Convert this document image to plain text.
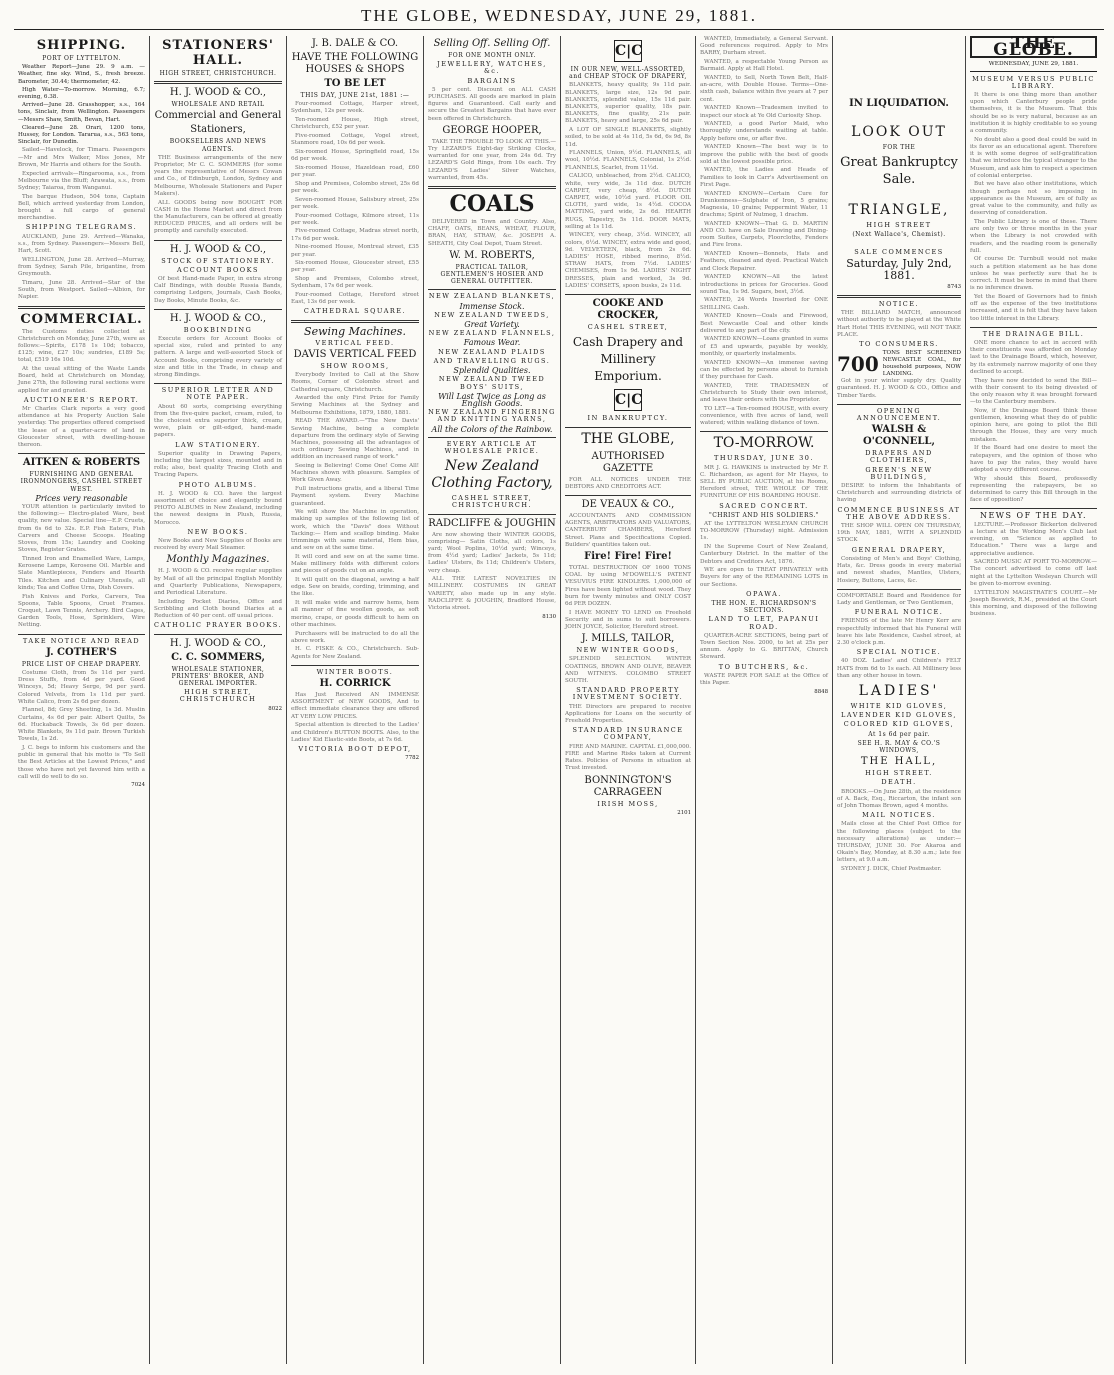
THE GLOBE, WEDNESDAY, JUNE 29, 1881.
SHIPPING.
PORT OF LYTTELTON.

Weather Report—June 29. 9 a.m. — Weather, fine sky. Wind, S., fresh breeze. Barometer, 30.44; thermometer, 42.

High Water—To-morrow. Morning, 6.7; evening, 6.38.

Arrived—June 28. Grasshopper, s.s., 164 tons, Sinclair, from Wellington. Passengers—Messrs Shaw, Smith, Bevan, Hart.

Cleared—June 28. Orari, 1200 tons, Hussey, for London. Tararua, s.s., 563 tons, Sinclair, for Dunedin.

Sailed—Havelock, for Timaru. Passengers—Mr and Mrs Walker, Miss Jones, Mr Brown, Mr Harris and others for the South.

Expected arrivals—Ringarooma, s.s., from Melbourne via the Bluff; Arawata, s.s., from Sydney; Taiaroa, from Wanganui.

The barque Hudson, 504 tons, Captain Bell, which arrived yesterday from London, brought a full cargo of general merchandise.

SHIPPING TELEGRAMS.

AUCKLAND, June 29. Arrived—Wanaka, s.s., from Sydney. Passengers—Messrs Bell, Hart, Scott.

WELLINGTON, June 28. Arrived—Murray, from Sydney, Sarah Pile, brigantine, from Greymouth.

Timaru, June 28. Arrived—Star of the South, from Westport. Sailed—Albion, for Napier.

COMMERCIAL.

The Customs duties collected at Christchurch on Monday, June 27th, were as follows:—Spirits, £178 1s 10d; tobacco, £125; wine, £27 10s; sundries, £189 5s; total, £519 16s 10d.

At the usual sitting of the Waste Lands Board, held at Christchurch on Monday, June 27th, the following rural sections were applied for and granted.

AUCTIONEER'S REPORT.

Mr Charles Clark reports a very good attendance at his Property Auction Sale yesterday. The properties offered comprised the lease of a quarter-acre of land in Gloucester street, with dwelling-house thereon.

AITKEN & ROBERTS
FURNISHING AND GENERAL IRONMONGERS, CASHEL STREET WEST.
Prices very reasonable

YOUR attention is particularly invited to the following:— Electro-plated Ware, best quality, new value. Special line—E.P. Cruets, from 6s 6d to 32s. E.P. Fish Eaters, Fish Carvers and Cheese Scoops. Heating Stoves, from 15s; Laundry and Cooking Stoves, Register Grates.

Tinned Iron and Enamelled Ware, Lamps, Kerosene Lamps, Kerosene Oil. Marble and Slate Mantlepieces, Fenders and Hearth Tiles. Kitchen and Culinary Utensils, all kinds; Tea and Coffee Urns, Dish Covers.

Fish Knives and Forks, Carvers, Tea Spoons, Table Spoons, Cruet Frames. Croquet, Lawn Tennis, Archery. Bird Cages, Garden Tools, Hose, Sprinklers, Wire Netting.

TAKE NOTICE AND READ
J. COTHER'S
PRICE LIST OF CHEAP DRAPERY.

Costume Cloth, from 5s 11d per yard. Dress Stuffs, from 4d per yard. Good Winceys, 5d; Heavy Serge, 9d per yard. Colored Velvets, from 1s 11d per yard. White Calico, from 2s 6d per dozen.

Flannel, 8d; Grey Sheeting, 1s 3d. Muslin Curtains, 4s 6d per pair. Albert Quilts, 5s 6d. Huckaback Towels, 3s 6d per dozen. White Blankets, 9s 11d pair. Brown Turkish Towels, 1s 2d.

J. C. begs to inform his customers and the public in general that his motto is "To Sell the Best Articles at the Lowest Prices," and those who have not yet favored him with a call will do well to do so.

7024
STATIONERS' HALL.
HIGH STREET, CHRISTCHURCH.
H. J. WOOD & CO.,
WHOLESALE AND RETAIL
Commercial and General
Stationers,
BOOKSELLERS AND NEWS AGENTS.

THE Business arrangements of the new Proprietor, Mr C. C. SOMMERS (for some years the representative of Messrs Cowan and Co., of Edinburgh, London, Sydney and Melbourne, Wholesale Stationers and Paper Makers).

ALL GOODS being now BOUGHT FOR CASH in the Home Market and direct from the Manufacturers, can be offered at greatly REDUCED PRICES, and all orders will be promptly and carefully executed.

H. J. WOOD & CO.,
STOCK OF STATIONERY.
ACCOUNT BOOKS

Of best Hand-made Paper, in extra strong Calf Bindings, with double Russia Bands, comprising Ledgers, Journals, Cash Books, Day Books, Minute Books, &c.

H. J. WOOD & CO.,
BOOKBINDING

Execute orders for Account Books of special size, ruled and printed to any pattern. A large and well-assorted Stock of Account Books, comprising every variety of size and title in the Trade, in cheap and strong Bindings.

SUPERIOR LETTER AND NOTE PAPER.

About 60 sorts, comprising everything from the five-quire packet, cream, ruled, to the choicest extra superior thick, cream, wove, plain or gilt-edged, hand-made papers.

LAW STATIONERY.

Superior quality in Drawing Papers, including the largest sizes, mounted and in rolls; also, best quality Tracing Cloth and Tracing Papers.

PHOTO ALBUMS.

H. J. WOOD & CO. have the largest assortment of choice and elegantly bound PHOTO ALBUMS in New Zealand, including the newest designs in Plush, Russia, Morocco.

NEW BOOKS.

New Books and New Supplies of Books are received by every Mail Steamer.

Monthly Magazines.

H. J. WOOD & CO. receive regular supplies by Mail of all the principal English Monthly and Quarterly Publications, Newspapers, and Periodical Literature.

Including Pocket Diaries, Office and Scribbling and Cloth bound Diaries at a Reduction of 40 per cent. off usual prices.

CATHOLIC PRAYER BOOKS.
H. J. WOOD & CO.,
C. C. SOMMERS,
WHOLESALE STATIONER, PRINTERS' BROKER, AND GENERAL IMPORTER.
HIGH STREET, CHRISTCHURCH
8022
J. B. DALE & CO.
HAVE THE FOLLOWING HOUSES & SHOPS
TO BE LET
THIS DAY, JUNE 21st, 1881 :—

Four-roomed Cottage, Harper street, Sydenham, 12s per week.

Ten-roomed House, High street, Christchurch, £52 per year.

Five-roomed Cottage, Vogel street, Stanmore road, 10s 6d per week.

Six-roomed House, Springfield road, 15s 6d per week.

Six-roomed House, Hazeldean road, £60 per year.

Shop and Premises, Colombo street, 25s 6d per week.

Seven-roomed House, Salisbury street, 25s per week.

Four-roomed Cottage, Kilmore street, 11s per week.

Five-roomed Cottage, Madras street north, 17s 6d per week.

Nine-roomed House, Montreal street, £35 per year.

Six-roomed House, Gloucester street, £55 per year.

Shop and Premises, Colombo street, Sydenham, 17s 6d per week.

Four-roomed Cottage, Hereford street East, 13s 6d per week.

CATHEDRAL SQUARE.
Sewing Machines.
VERTICAL FEED.
DAVIS VERTICAL FEED
SHOW ROOMS,

Everybody Invited to Call at the Show Rooms, Corner of Colombo street and Cathedral square, Christchurch.

Awarded the only First Prize for Family Sewing Machines at the Sydney and Melbourne Exhibitions, 1879, 1880, 1881.

READ THE AWARD.—"The New Davis' Sewing Machine, being a complete departure from the ordinary style of Sewing Machines, possessing all the advantages of such ordinary Sewing Machines, and in addition an increased range of work."

Seeing is Believing! Come One! Come All! Machines shown with pleasure. Samples of Work Given Away.

Full instructions gratis, and a liberal Time Payment system. Every Machine guaranteed.

We will show the Machine in operation, making up samples of the following list of work, which the "Davis" does Without Tacking:— Hem and scallop binding. Make trimmings with same material, Hem bias, and sew on at the same time.

It will cord and sew on at the same time. Make millinery folds with different colors and pieces of goods cut on an angle.

It will quilt on the diagonal, sewing a half edge. Sew on braids, cording, trimming, and the like.

It will make wide and narrow hems, hem all manner of fine woollen goods, as soft merino, crape, or goods difficult to hem on other machines.

Purchasers will be instructed to do all the above work.

H. C. FISKE & CO., Christchurch. Sub-Agents for New Zealand.

WINTER BOOTS.
H. CORRICK

Has Just Received AN IMMENSE ASSORTMENT of NEW GOODS, And to effect immediate clearance they are offered AT VERY LOW PRICES.

Special attention is directed to the Ladies' and Children's BUTTON BOOTS. Also, to the Ladies' Kid Elastic-side Boots, at 7s 6d.

VICTORIA BOOT DEPOT,
7782
Selling Off. Selling Off.
FOR ONE MONTH ONLY.
JEWELLERY, WATCHES, &c.
BARGAINS

5 per cent. Discount on ALL CASH PURCHASES. All goods are marked in plain figures and Guaranteed. Call early and secure the Greatest Bargains that have ever been offered in Christchurch.

GEORGE HOOPER,

TAKE THE TROUBLE TO LOOK AT THIS.— Try LEZARD'S Eight-day Striking Clocks, warranted for one year, from 24s 6d. Try LEZARD'S Gold Rings, from 10s each. Try LEZARD'S Ladies' Silver Watches, warranted, from 45s.

COALS

DELIVERED in Town and Country. Also, CHAFF, OATS, BEANS, WHEAT, FLOUR, BRAN, HAY, STRAW, &c. JOSEPH A. SHEATH, City Coal Depot, Tuam Street.

W. M. ROBERTS,
PRACTICAL TAILOR, GENTLEMEN'S HOSIER AND GENERAL OUTFITTER.
NEW ZEALAND BLANKETS,
Immense Stock.
NEW ZEALAND TWEEDS,
Great Variety.
NEW ZEALAND FLANNELS,
Famous Wear.
NEW ZEALAND PLAIDS
AND TRAVELLING RUGS.
Splendid Qualities.
NEW ZEALAND TWEED BOYS' SUITS,
Will Last Twice as Long as English Goods.
NEW ZEALAND FINGERING AND KNITTING YARNS,
All the Colors of the Rainbow.
EVERY ARTICLE AT WHOLESALE PRICE.
New Zealand Clothing Factory,
CASHEL STREET, CHRISTCHURCH.
RADCLIFFE & JOUGHIN

Are now showing their WINTER GOODS, comprising— Satin Cloths, all colors, 1s yard; Wool Poplins, 10½d yard; Winceys, from 4½d yard; Ladies' Jackets, 5s 11d; Ladies' Ulsters, 8s 11d; Children's Ulsters, very cheap.

ALL THE LATEST NOVELTIES IN MILLINERY. COSTUMES IN GREAT VARIETY, also made up in any style. RADCLIFFE & JOUGHIN, Bradford House, Victoria street.

8130
C|C
IN OUR NEW, WELL-ASSORTED, and CHEAP STOCK OF DRAPERY,

BLANKETS, heavy quality, 9s 11d pair. BLANKETS, large size, 12s 9d pair. BLANKETS, splendid value, 15s 11d pair. BLANKETS, superior quality, 18s pair. BLANKETS, fine quality, 21s pair. BLANKETS, heavy and large, 25s 6d pair.

A LOT OF SINGLE BLANKETS, slightly soiled, to be sold at 4s 11d, 5s 6d, 6s 9d, 8s 11d.

FLANNELS, Union, 9½d. FLANNELS, all wool, 10½d. FLANNELS, Colonial, 1s 2½d. FLANNELS, Scarlet, from 11½d.

CALICO, unbleached, from 2½d. CALICO, white, very wide, 3s 11d doz. DUTCH CARPET, very cheap, 8½d. DUTCH CARPET, wide, 10½d yard. FLOOR OIL CLOTH, yard wide, 1s 4½d. COCOA MATTING, yard wide, 2s 6d. HEARTH RUGS, Tapestry, 5s 11d. DOOR MATS, selling at 1s 11d.

WINCEY, very cheap, 3½d. WINCEY, all colors, 6½d. WINCEY, extra wide and good, 9d. VELVETEEN, black, from 2s 6d. LADIES' HOSE, ribbed merino, 8½d. STRAW HATS, from 7½d. LADIES' CHEMISES, from 1s 9d. LADIES' NIGHT DRESSES, plain and worked, 3s 9d. LADIES' CORSETS, spoon busks, 2s 11d.

COOKE AND CROCKER,
CASHEL STREET,
Cash Drapery and Millinery Emporium.
C|C
IN BANKRUPTCY.
THE GLOBE,
AUTHORISED GAZETTE

FOR ALL NOTICES UNDER THE DEBTORS AND CREDITORS ACT.

DE VEAUX & CO.,

ACCOUNTANTS AND COMMISSION AGENTS, ARBITRATORS AND VALUATORS, CANTERBURY CHAMBERS, Hereford Street. Plans and Specifications Copied. Builders' quantities taken out.

Fire! Fire! Fire!

TOTAL DESTRUCTION OF 1600 TONS COAL by using M'DOWELL'S PATENT VESUVIUS FIRE KINDLERS. 1,000,000 of Fires have been lighted without wood. They burn for twenty minutes and ONLY COST 6d PER DOZEN.

I HAVE MONEY TO LEND on Freehold Security and in sums to suit borrowers. JOHN JOYCE, Solicitor, Hereford street.

J. MILLS, TAILOR,
NEW WINTER GOODS,

SPLENDID SELECTION. WINTER COATINGS, BROWN AND OLIVE, BEAVER AND WITNEYS. COLOMBO STREET SOUTH.

STANDARD PROPERTY INVESTMENT SOCIETY.

THE Directors are prepared to receive Applications for Loans on the security of Freehold Properties.

STANDARD INSURANCE COMPANY,

FIRE AND MARINE. CAPITAL £1,000,000. FIRE and Marine Risks taken at Current Rates. Policies of Persons in situation at Trust invested.

BONNINGTON'S CARRAGEEN
IRISH MOSS,
2101

WANTED, Immediately, a General Servant. Good references required. Apply to Mrs BARRY, Durham street.

WANTED, a respectable Young Person as Barmaid. Apply at Hall Hotel.

WANTED, to Sell, North Town Belt, Half-an-acre, with Double House. Terms—One-sixth cash, balance within five years at 7 per cent.

WANTED Known—Tradesmen invited to inspect our stock at Ye Old Curiosity Shop.

WANTED, a good Parlor Maid, who thoroughly understands waiting at table. Apply before one, or after five.

WANTED Known—The best way is to improve the public with the best of goods sold at the lowest possible price.

WANTED, the Ladies and Heads of Families to look in Carr's Advertisement on First Page.

WANTED KNOWN—Certain Cure for Drunkenness—Sulphate of Iron, 5 grains; Magnesia, 10 grains; Peppermint Water, 11 drachms; Spirit of Nutmeg, 1 drachm.

WANTED KNOWN—That G. D. MARTIN AND CO. have on Sale Drawing and Dining-room Suites, Carpets, Floorcloths, Fenders and Fire Irons.

WANTED Known—Bonnets, Hats and Feathers, cleaned and dyed. Practical Watch and Clock Repairer.

WANTED KNOWN—All the latest introductions in prices for Groceries. Good sound Tea, 1s 9d. Sugars, best, 3½d.

WANTED, 24 Words Inserted for ONE SHILLING. Cash.

WANTED Known—Coals and Firewood, Best Newcastle Coal and other kinds delivered to any part of the city.

WANTED KNOWN—Loans granted in sums of £5 and upwards, payable by weekly, monthly, or quarterly instalments.

WANTED KNOWN—An immense saving can be effected by persons about to furnish if they purchase for Cash.

WANTED, THE TRADESMEN of Christchurch to Study their own interest, and leave their orders with the Proprietor.

TO LET—a Ten-roomed HOUSE, with every convenience, with five acres of land, well watered; within walking distance of town.

TO-MORROW.
THURSDAY, JUNE 30.

MR J. G. HAWKINS is instructed by Mr F. C. Richardson, as agent for Mr Hayes, to SELL BY PUBLIC AUCTION, at his Rooms, Hereford street, THE WHOLE OF THE FURNITURE OF HIS BOARDING HOUSE.

SACRED CONCERT.
"CHRIST AND HIS SOLDIERS."

AT the LYTTELTON WESLEYAN CHURCH TO-MORROW (Thursday) night. Admission 1s.

IN the Supreme Court of New Zealand, Canterbury District. In the matter of the Debtors and Creditors Act, 1876.

WE are open to TREAT PRIVATELY with Buyers for any of the REMAINING LOTS in our Sections.

OPAWA.
THE HON. E. RICHARDSON'S SECTIONS.
LAND TO LET, PAPANUI ROAD.

QUARTER-ACRE SECTIONS, being part of Town Section Nos. 2000, to let at 25s per annum. Apply to G. BRITTAN, Church Steward.

TO BUTCHERS, &c.

WASTE PAPER FOR SALE at the Office of this Paper.

8848
IN LIQUIDATION.
LOOK OUT
FOR THE
Great Bankruptcy Sale.
TRIANGLE,
HIGH STREET
(Next Wallace's, Chemist).
SALE COMMENCES
Saturday, July 2nd, 1881.
8743
NOTICE.

THE BILLIARD MATCH, announced without authority to be played at the White Hart Hotel THIS EVENING, will NOT TAKE PLACE.

TO CONSUMERS.
700 TONS BEST SCREENED NEWCASTLE COAL, for household purposes, NOW LANDING.

Got in your winter supply dry. Quality guaranteed. H. J. WOOD & CO., Office and Timber Yards.

OPENING ANNOUNCEMENT.
WALSH & O'CONNELL,
DRAPERS AND CLOTHIERS,
GREEN'S NEW BUILDINGS,

DESIRE to inform the Inhabitants of Christchurch and surrounding districts of having

COMMENCE BUSINESS AT THE ABOVE ADDRESS.

THE SHOP WILL OPEN ON THURSDAY, 19th MAY, 1881, WITH A SPLENDID STOCK

GENERAL DRAPERY,

Consisting of Men's and Boys' Clothing, Hats, &c. Dress goods in every material and newest shades, Mantles, Ulsters, Hosiery, Buttons, Laces, &c.

COMFORTABLE Board and Residence for Lady and Gentleman, or Two Gentlemen,
FUNERAL NOTICE.

FRIENDS of the late Mr Henry Kerr are respectfully informed that his Funeral will leave his late Residence, Cashel street, at 2.30 o'clock p.m.

SPECIAL NOTICE.

40 DOZ. Ladies' and Children's FELT HATS from 6d to 1s each. All Millinery less than any other house in town.

LADIES'
WHITE KID GLOVES,
LAVENDER KID GLOVES,
COLORED KID GLOVES,
At 1s 6d per pair.
SEE H. R. MAY & CO.'S WINDOWS,
THE HALL,
HIGH STREET.
DEATH.

BROOKS.—On June 28th, at the residence of A. Back, Esq., Riccarton, the infant son of John Thomas Brown, aged 4 months.

MAIL NOTICES.

Mails close at the Chief Post Office for the following places (subject to the necessary alterations) as under:— THURSDAY, JUNE 30. For Akaroa and Okain's Bay, Monday, at 8.30 a.m.; late fee letters, at 9.0 a.m.

SYDNEY J. DICK, Chief Postmaster.

THE GLOBE.
WEDNESDAY, JUNE 29, 1881.
MUSEUM VERSUS PUBLIC LIBRARY.

It there is one thing more than another upon which Canterbury people pride themselves, it is the Museum. That this should be so is very natural, because as an institution it is highly creditable to so young a community.

No doubt also a good deal could be said in its favor as an educational agent. Therefore it is with some degree of self-gratification that we introduce the typical stranger to the Museum, and ask him to respect a specimen of colonial enterprise.

But we have also other institutions, which though perhaps not so imposing in appearance as the Museum, are of fully as great value to the community, and fully as deserving of consideration.

The Public Library is one of these. There are only two or three months in the year when the Library is not crowded with readers, and the reading room is generally full.

Of course Dr. Turnbull would not make such a petition statement as he has done unless he was perfectly sure that he is correct. It must be borne in mind that there is no inference drawn.

Yet the Board of Governors had to finish off as the expense of the two institutions increased, and it is felt that they have taken too little interest in the Library.

THE DRAINAGE BILL.

ONE more chance to act in accord with their constituents was afforded on Monday last to the Drainage Board, which, however, by its extremely narrow majority of one they declined to accept.

They have now decided to send the Bill—with their consent to its being divested of the only reason why it was brought forward—to the Canterbury members.

Now, if the Drainage Board think these gentlemen, knowing what they do of public opinion here, are going to pilot the Bill through the House, they are very much mistaken.

If the Board had one desire to meet the ratepayers, and the opinion of those who have to pay the rates, they would have adopted a very different course.

Why should this Board, professedly representing the ratepayers, be so determined to carry this Bill through in the face of opposition?

NEWS OF THE DAY.

LECTURE.—Professor Bickerton delivered a lecture at the Working Men's Club last evening, on "Science as applied to Education." There was a large and appreciative audience.

SACRED MUSIC AT PORT TO-MORROW.—The concert advertised to come off last night at the Lyttelton Wesleyan Church will be given to-morrow evening.

LYTTELTON MAGISTRATE'S COURT.—Mr Joseph Beswick, R.M., presided at the Court this morning, and disposed of the following business.
